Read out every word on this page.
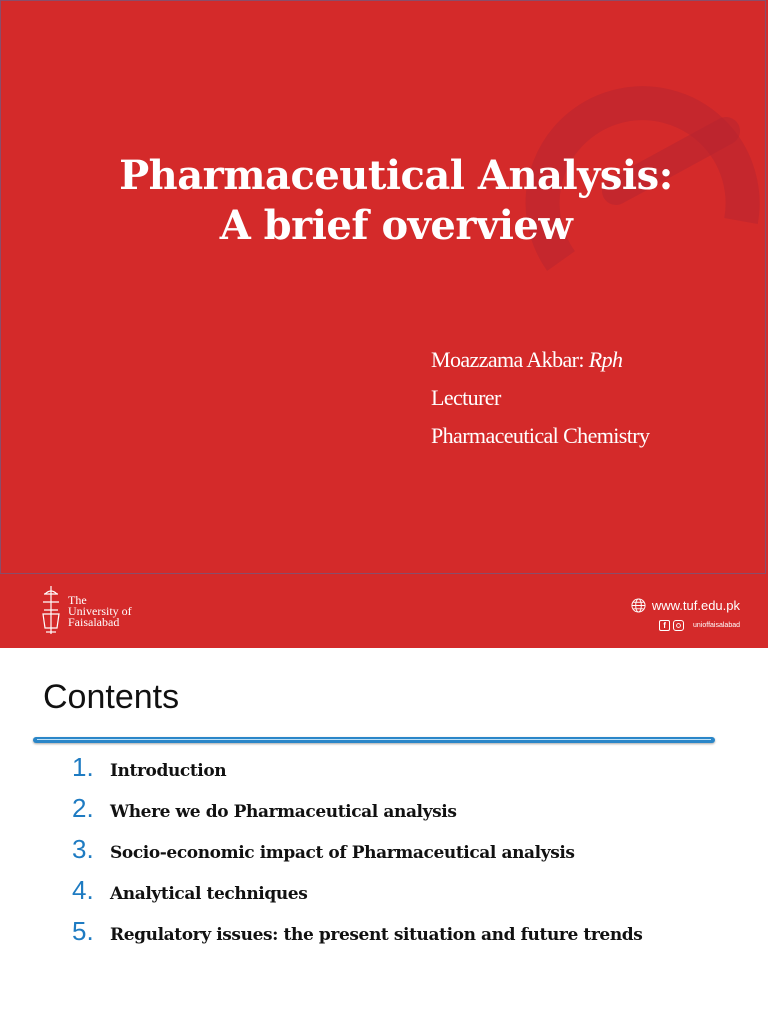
Pharmaceutical Analysis:
A brief overview
Moazzama Akbar: Rph
Lecturer
Pharmaceutical Chemistry
The
University of
Faisalabad
www.tuf.edu.pk
f	unioffaisalabad
Contents
1. Introduction
2. Where we do Pharmaceutical analysis
3. Socio-economic impact of Pharmaceutical analysis
4. Analytical techniques
5. Regulatory issues: the present situation and future trends
